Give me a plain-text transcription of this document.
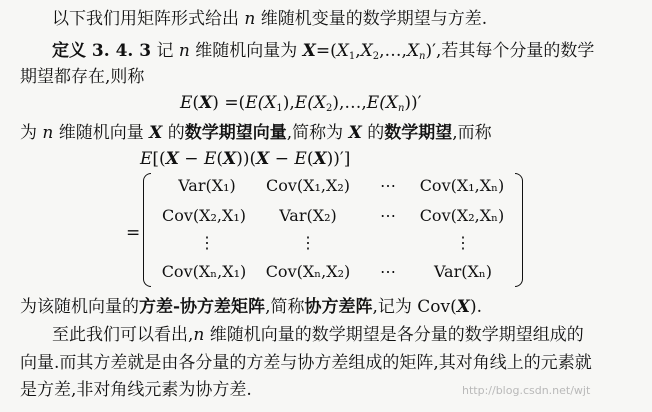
以下我们用矩阵形式给出 n 维随机变量的数学期望与方差.
定义 3. 4. 3 记 n 维随机向量为 $X=(X_1,X_2,\dots,X_n)'$,若其每个分量的数学
期望都存在,则称
$E(X) =(E(X_1),E(X_2),\dots,E(X_n))'$
为 n 维随机向量 X 的数学期望向量,简称为 X 的数学期望,而称
E[(X − E(X))(X − E(X))′]
=
Var(X₁)	Cov(X₁,X₂)	⋯	Cov(X₁,Xₙ)
Cov(X₂,X₁)	Var(X₂)	⋯	Cov(X₂,Xₙ)
⋮	⋮	⋮
Cov(Xₙ,X₁)	Cov(Xₙ,X₂)	⋯	Var(Xₙ)
为该随机向量的方差-协方差矩阵,简称协方差阵,记为 Cov(X).
至此我们可以看出,n 维随机向量的数学期望是各分量的数学期望组成的
向量.而其方差就是由各分量的方差与协方差组成的矩阵,其对角线上的元素就
是方差,非对角线元素为协方差.	http://blog.csdn.net/wjt
